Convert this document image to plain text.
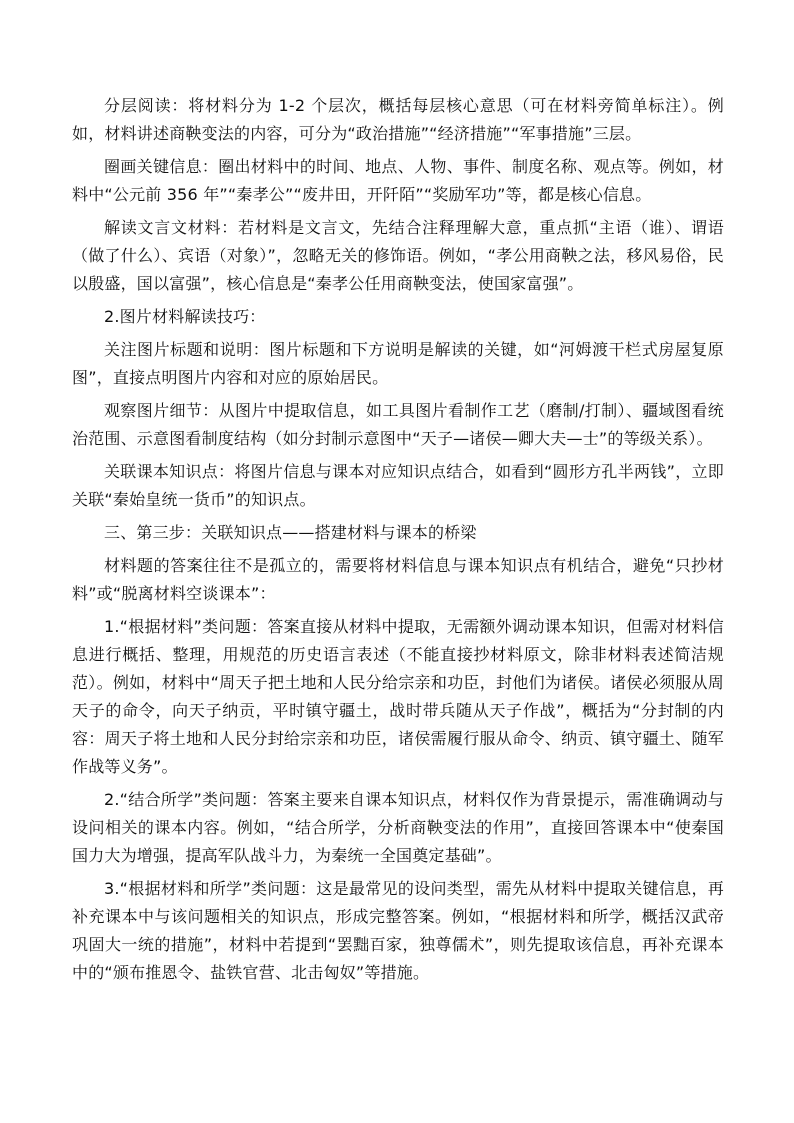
分层阅读：将材料分为 1-2 个层次，概括每层核心意思（可在材料旁简单标注）。例如，材料讲述商鞅变法的内容，可分为“政治措施”“经济措施”“军事措施”三层。

圈画关键信息：圈出材料中的时间、地点、人物、事件、制度名称、观点等。例如，材料中“公元前 356 年”“秦孝公”“废井田，开阡陌”“奖励军功”等，都是核心信息。

解读文言文材料：若材料是文言文，先结合注释理解大意，重点抓“主语（谁）、谓语（做了什么）、宾语（对象）”，忽略无关的修饰语。例如，“孝公用商鞅之法，移风易俗，民以殷盛，国以富强”，核心信息是“秦孝公任用商鞅变法，使国家富强”。

2.图片材料解读技巧：

关注图片标题和说明：图片标题和下方说明是解读的关键，如“河姆渡干栏式房屋复原图”，直接点明图片内容和对应的原始居民。

观察图片细节：从图片中提取信息，如工具图片看制作工艺（磨制/打制）、疆域图看统治范围、示意图看制度结构（如分封制示意图中“天子—诸侯—卿大夫—士”的等级关系）。

关联课本知识点：将图片信息与课本对应知识点结合，如看到“圆形方孔半两钱”，立即关联“秦始皇统一货币”的知识点。

三、第三步：关联知识点——搭建材料与课本的桥梁

材料题的答案往往不是孤立的，需要将材料信息与课本知识点有机结合，避免“只抄材料”或“脱离材料空谈课本”：

1.“根据材料”类问题：答案直接从材料中提取，无需额外调动课本知识，但需对材料信息进行概括、整理，用规范的历史语言表述（不能直接抄材料原文，除非材料表述简洁规范）。例如，材料中“周天子把土地和人民分给宗亲和功臣，封他们为诸侯。诸侯必须服从周天子的命令，向天子纳贡，平时镇守疆土，战时带兵随从天子作战”，概括为“分封制的内容：周天子将土地和人民分封给宗亲和功臣，诸侯需履行服从命令、纳贡、镇守疆土、随军作战等义务”。

2.“结合所学”类问题：答案主要来自课本知识点，材料仅作为背景提示，需准确调动与设问相关的课本内容。例如，“结合所学，分析商鞅变法的作用”，直接回答课本中“使秦国国力大为增强，提高军队战斗力，为秦统一全国奠定基础”。

3.“根据材料和所学”类问题：这是最常见的设问类型，需先从材料中提取关键信息，再补充课本中与该问题相关的知识点，形成完整答案。例如，“根据材料和所学，概括汉武帝巩固大一统的措施”，材料中若提到“罢黜百家，独尊儒术”，则先提取该信息，再补充课本中的“颁布推恩令、盐铁官营、北击匈奴”等措施。
